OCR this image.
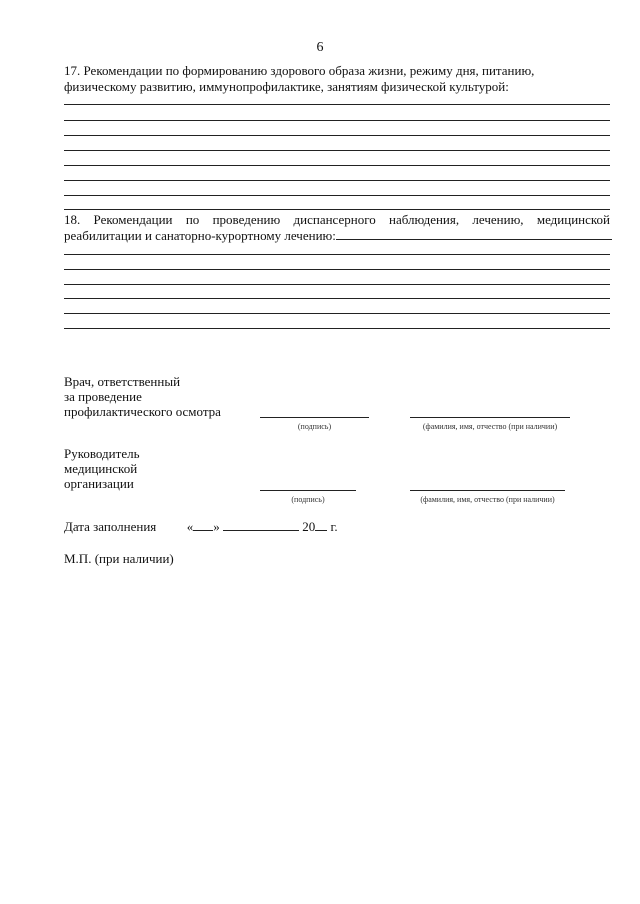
6

17. Рекомендации по формированию здорового образа жизни, режиму дня, питанию, физическому развитию, иммунопрофилактике, занятиям физической культурой:

18. Рекомендации по проведению диспансерного наблюдения, лечению, медицинской

реабилитации и санаторно-курортному лечению:

Врач, ответственный
за проведение
профилактического осмотра
(подпись)	(фамилия, имя, отчество (при наличии)
Руководитель
медицинской
организации
(подпись)	(фамилия, имя, отчество (при наличии)
Дата заполнения « »	20 г.
М.П. (при наличии)
